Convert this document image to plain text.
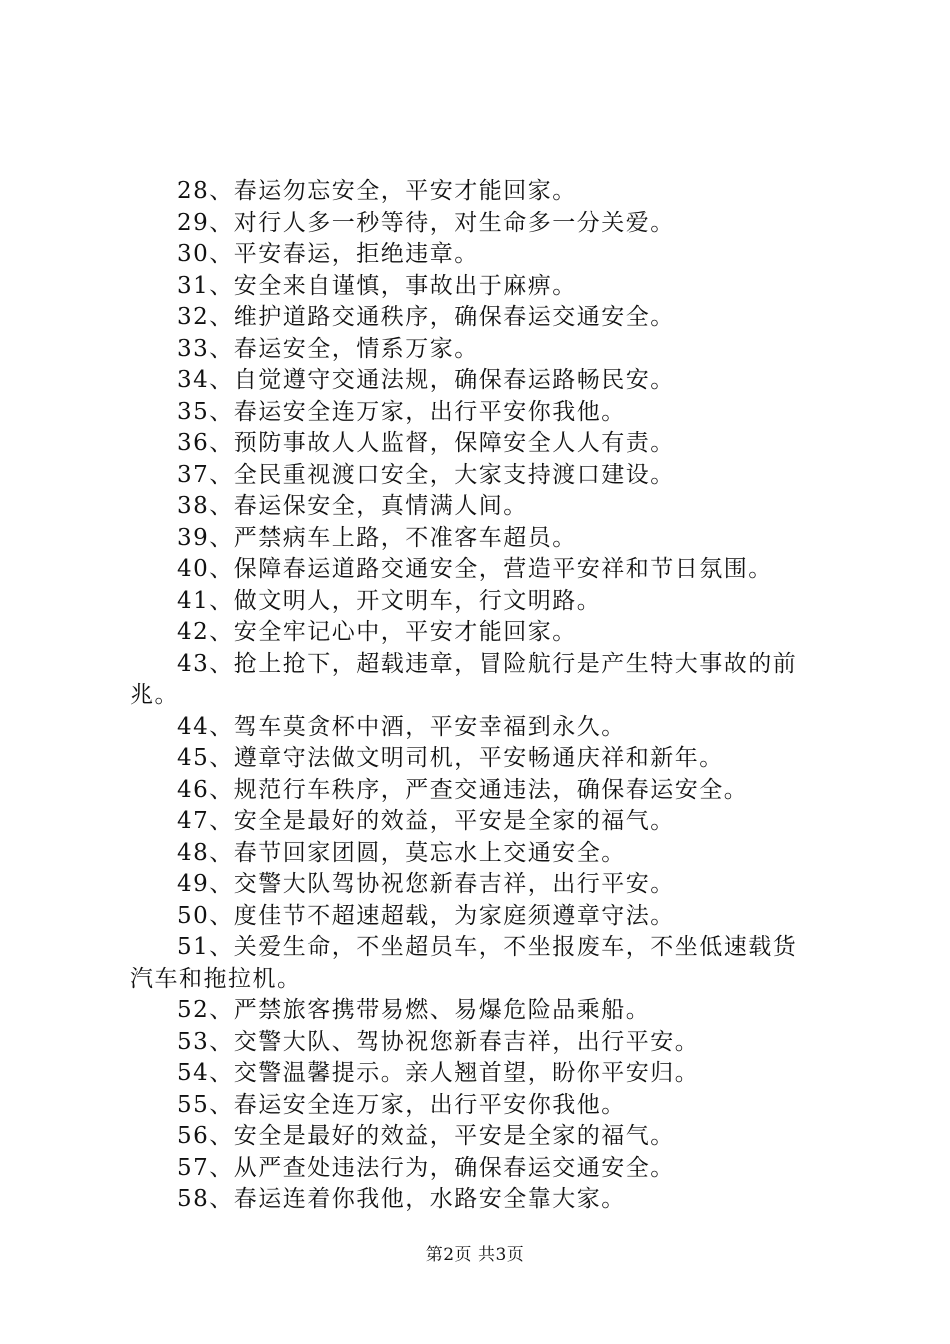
28、春运勿忘安全，平安才能回家。
29、对行人多一秒等待，对生命多一分关爱。
30、平安春运，拒绝违章。
31、安全来自谨慎，事故出于麻痹。
32、维护道路交通秩序，确保春运交通安全。
33、春运安全，情系万家。
34、自觉遵守交通法规，确保春运路畅民安。
35、春运安全连万家，出行平安你我他。
36、预防事故人人监督，保障安全人人有责。
37、全民重视渡口安全，大家支持渡口建设。
38、春运保安全，真情满人间。
39、严禁病车上路，不准客车超员。
40、保障春运道路交通安全，营造平安祥和节日氛围。
41、做文明人，开文明车，行文明路。
42、安全牢记心中，平安才能回家。
43、抢上抢下，超载违章，冒险航行是产生特大事故的前
兆。
44、驾车莫贪杯中酒，平安幸福到永久。
45、遵章守法做文明司机，平安畅通庆祥和新年。
46、规范行车秩序，严查交通违法，确保春运安全。
47、安全是最好的效益，平安是全家的福气。
48、春节回家团圆，莫忘水上交通安全。
49、交警大队驾协祝您新春吉祥，出行平安。
50、度佳节不超速超载，为家庭须遵章守法。
51、关爱生命，不坐超员车，不坐报废车，不坐低速载货
汽车和拖拉机。
52、严禁旅客携带易燃、易爆危险品乘船。
53、交警大队、驾协祝您新春吉祥，出行平安。
54、交警温馨提示。亲人翘首望，盼你平安归。
55、春运安全连万家，出行平安你我他。
56、安全是最好的效益，平安是全家的福气。
57、从严查处违法行为，确保春运交通安全。
58、春运连着你我他，水路安全靠大家。
第2页 共3页
